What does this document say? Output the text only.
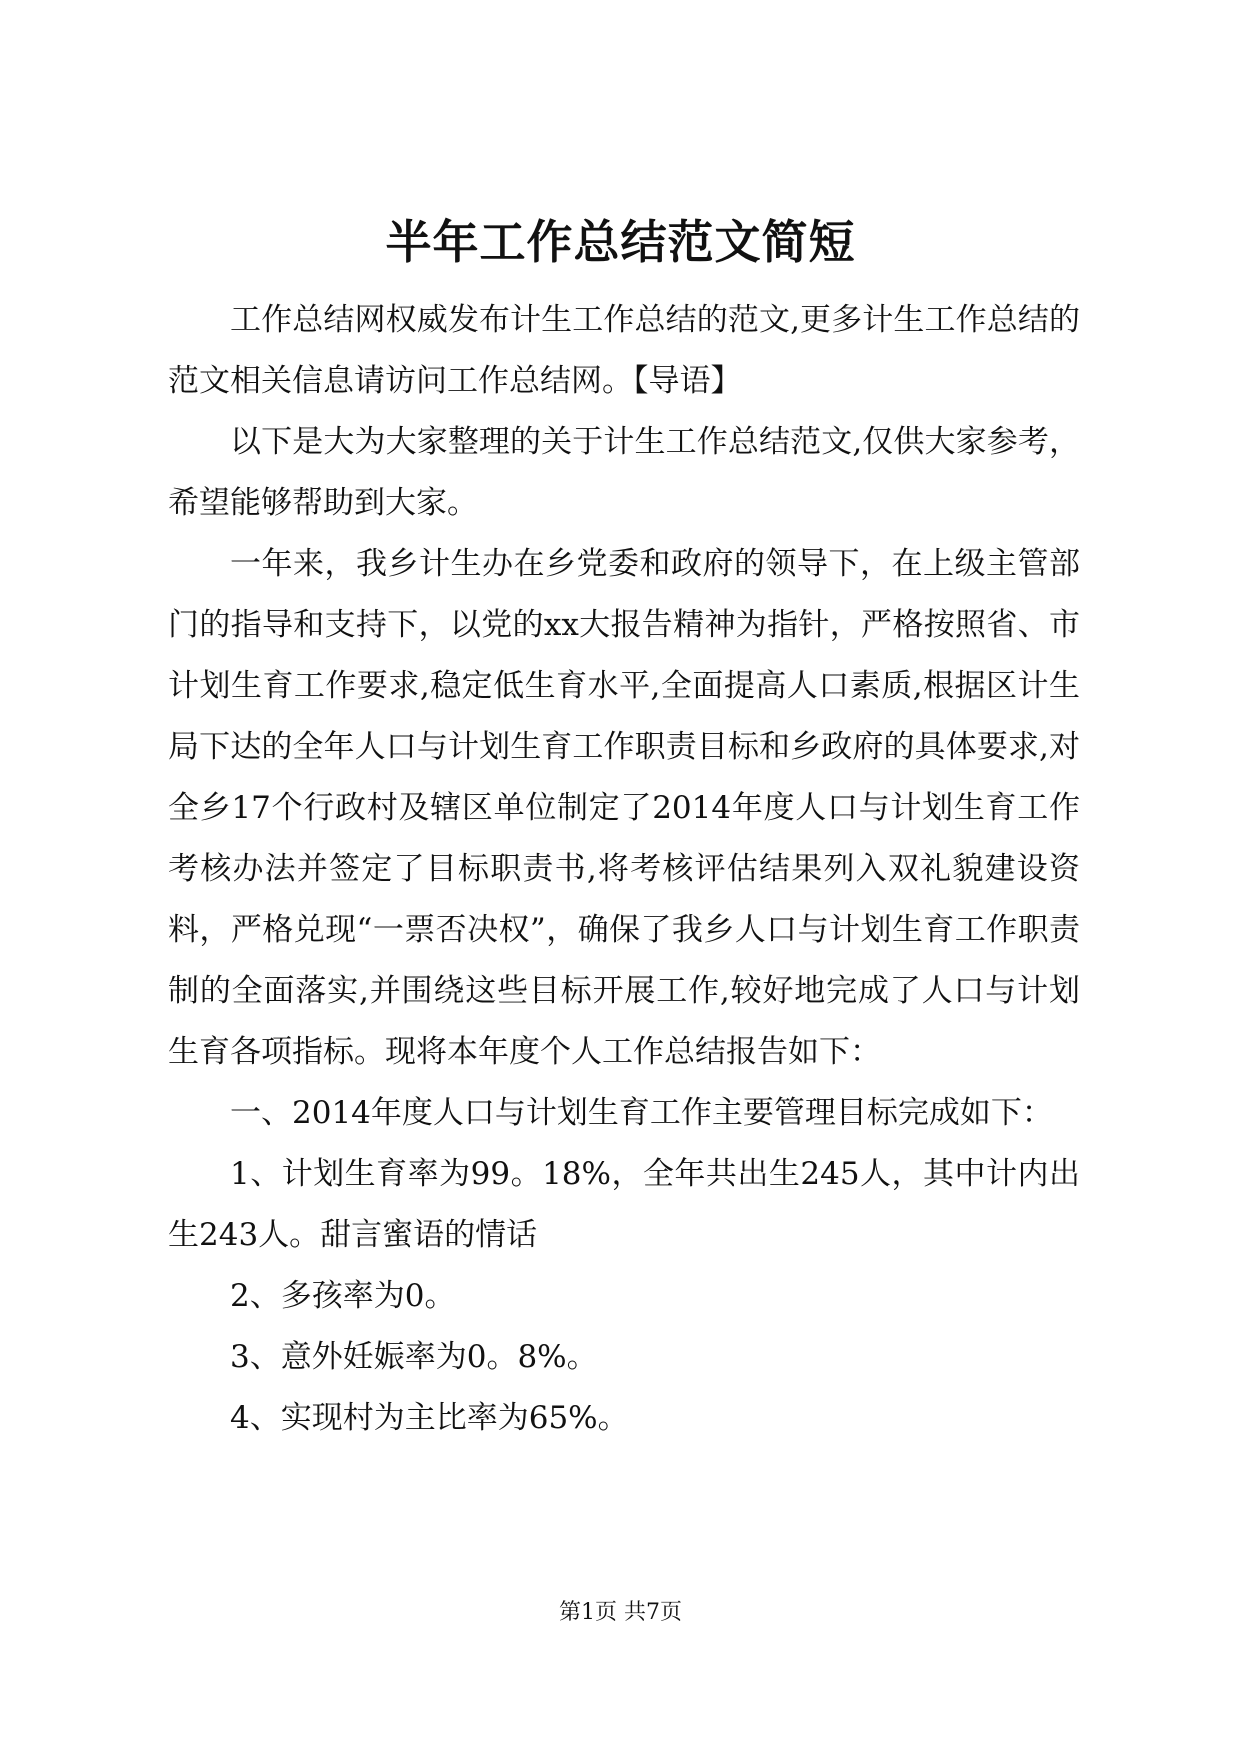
半年工作总结范文简短

工作总结网权威发布计生工作总结的范文,更多计生工作总结的范文相关信息请访问工作总结网。【导语】

以下是大为大家整理的关于计生工作总结范文,仅供大家参考，希望能够帮助到大家。

一年来，我乡计生办在乡党委和政府的领导下，在上级主管部门的指导和支持下，以党的xx大报告精神为指针，严格按照省、市计划生育工作要求,稳定低生育水平,全面提高人口素质,根据区计生局下达的全年人口与计划生育工作职责目标和乡政府的具体要求,对全乡17个行政村及辖区单位制定了2014年度人口与计划生育工作考核办法并签定了目标职责书,将考核评估结果列入双礼貌建设资料，严格兑现“一票否决权”，确保了我乡人口与计划生育工作职责制的全面落实,并围绕这些目标开展工作,较好地完成了人口与计划生育各项指标。现将本年度个人工作总结报告如下：

一、2014年度人口与计划生育工作主要管理目标完成如下：

1、计划生育率为99。18%，全年共出生245人，其中计内出生243人。甜言蜜语的情话

2、多孩率为0。

3、意外妊娠率为0。8%。

4、实现村为主比率为65%。

第1页 共7页
